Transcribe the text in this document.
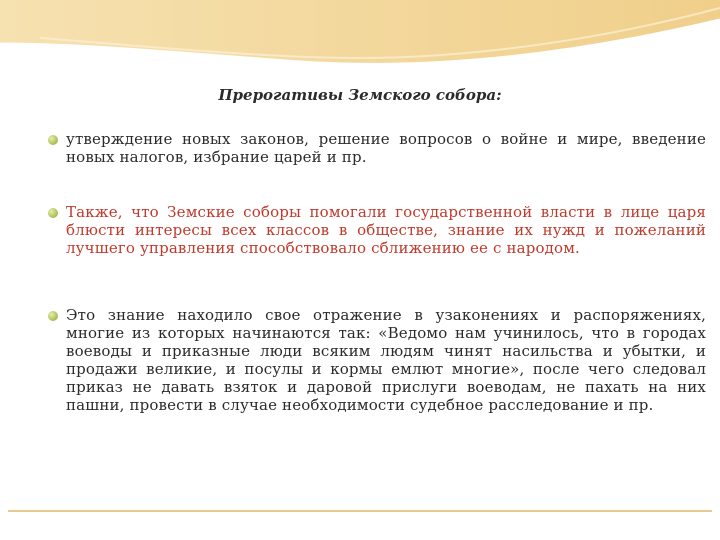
Прерогативы Земского собора:
утверждение новых законов, решение вопросов о войне и мире, введение новых налогов, избрание царей и пр.
Также, что Земские соборы помогали государственной власти в лице царя блюсти интересы всех классов в обществе, знание их нужд и пожеланий лучшего управления способствовало сближению ее с народом.
Это знание находило свое отражение в узаконениях и распоряжениях, многие из которых начинаются так: «Ведомо нам учинилось, что в городах воеводы и приказные люди всяким людям чинят насильства и убытки, и продажи великие, и посулы и кормы емлют многие», после чего следовал приказ не давать взяток и даровой прислуги воеводам, не пахать на них пашни, провести в случае необходимости судебное расследование и пр.
